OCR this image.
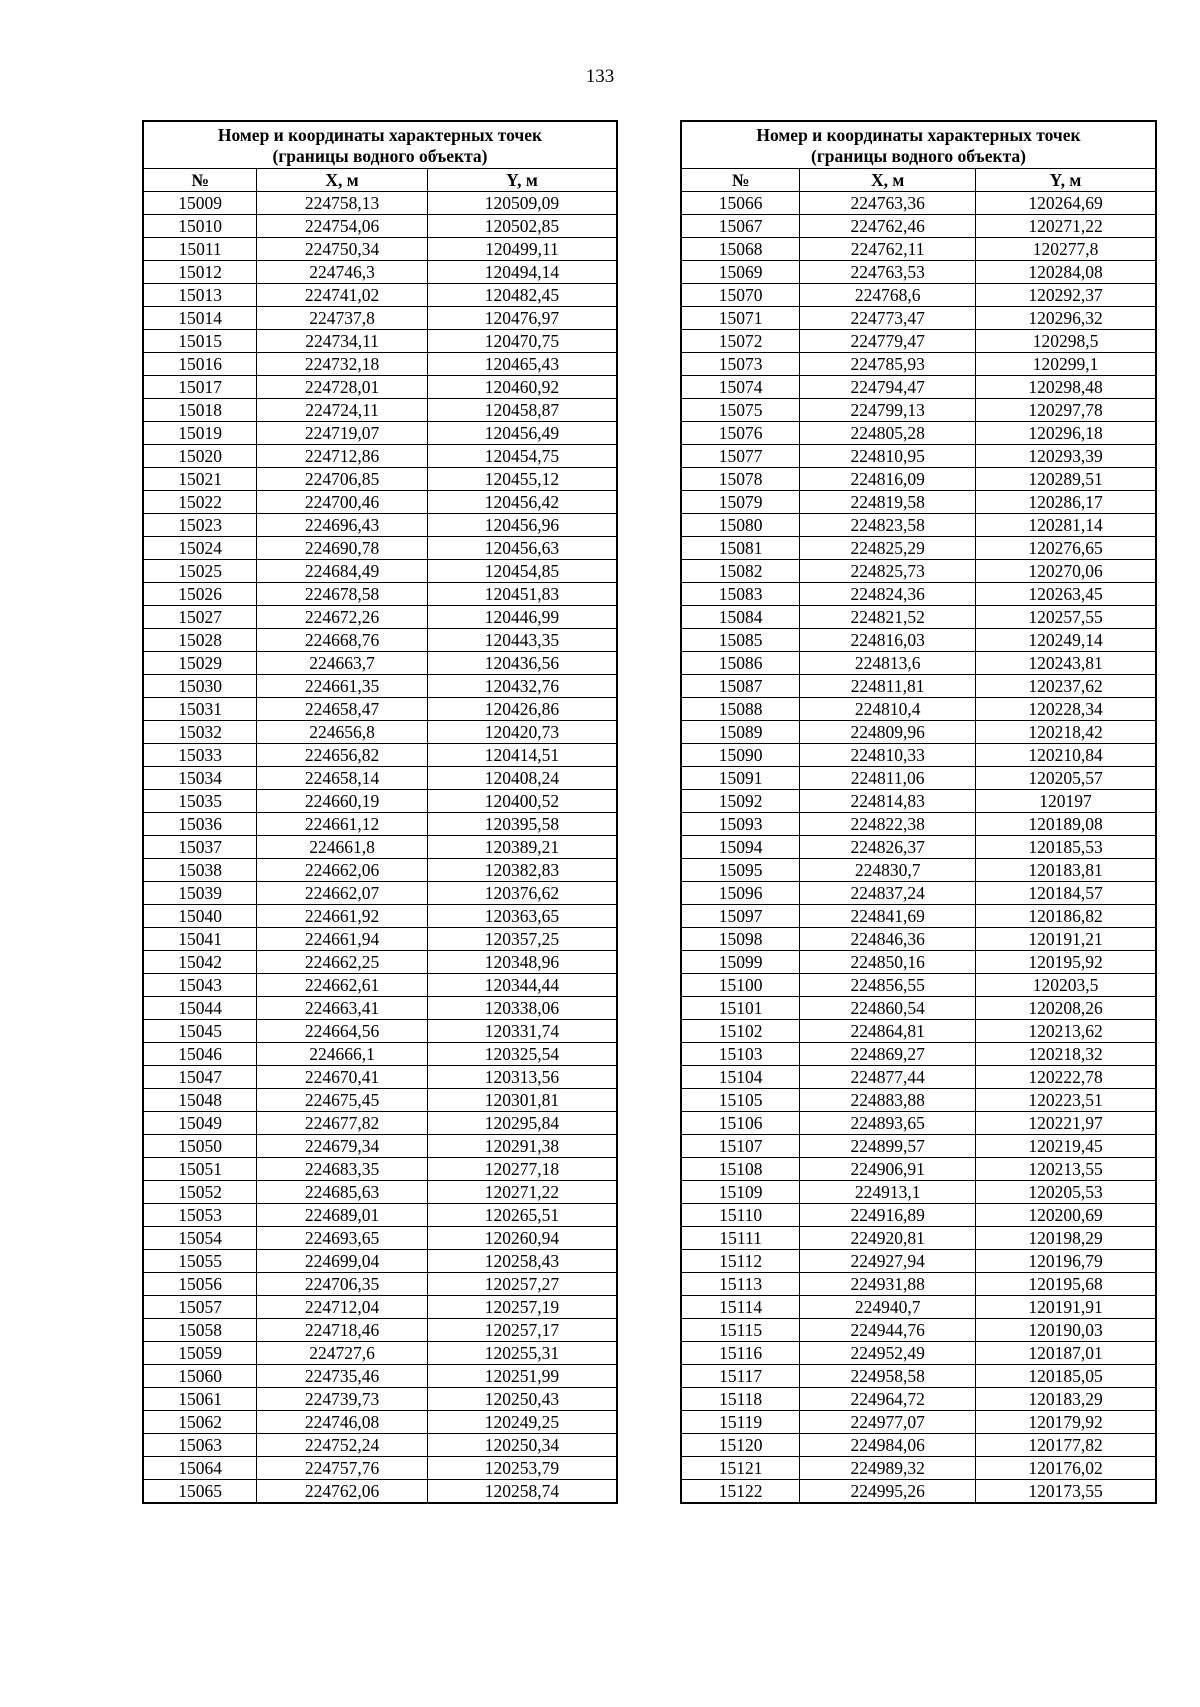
133
Номер и координаты характерных точек
(границы водного объекта)		
№	X, м	Y, м
15009	224758,13	120509,09
15010	224754,06	120502,85
15011	224750,34	120499,11
15012	224746,3	120494,14
15013	224741,02	120482,45
15014	224737,8	120476,97
15015	224734,11	120470,75
15016	224732,18	120465,43
15017	224728,01	120460,92
15018	224724,11	120458,87
15019	224719,07	120456,49
15020	224712,86	120454,75
15021	224706,85	120455,12
15022	224700,46	120456,42
15023	224696,43	120456,96
15024	224690,78	120456,63
15025	224684,49	120454,85
15026	224678,58	120451,83
15027	224672,26	120446,99
15028	224668,76	120443,35
15029	224663,7	120436,56
15030	224661,35	120432,76
15031	224658,47	120426,86
15032	224656,8	120420,73
15033	224656,82	120414,51
15034	224658,14	120408,24
15035	224660,19	120400,52
15036	224661,12	120395,58
15037	224661,8	120389,21
15038	224662,06	120382,83
15039	224662,07	120376,62
15040	224661,92	120363,65
15041	224661,94	120357,25
15042	224662,25	120348,96
15043	224662,61	120344,44
15044	224663,41	120338,06
15045	224664,56	120331,74
15046	224666,1	120325,54
15047	224670,41	120313,56
15048	224675,45	120301,81
15049	224677,82	120295,84
15050	224679,34	120291,38
15051	224683,35	120277,18
15052	224685,63	120271,22
15053	224689,01	120265,51
15054	224693,65	120260,94
15055	224699,04	120258,43
15056	224706,35	120257,27
15057	224712,04	120257,19
15058	224718,46	120257,17
15059	224727,6	120255,31
15060	224735,46	120251,99
15061	224739,73	120250,43
15062	224746,08	120249,25
15063	224752,24	120250,34
15064	224757,76	120253,79
15065	224762,06	120258,74
Номер и координаты характерных точек
(границы водного объекта)		
№	X, м	Y, м
15066	224763,36	120264,69
15067	224762,46	120271,22
15068	224762,11	120277,8
15069	224763,53	120284,08
15070	224768,6	120292,37
15071	224773,47	120296,32
15072	224779,47	120298,5
15073	224785,93	120299,1
15074	224794,47	120298,48
15075	224799,13	120297,78
15076	224805,28	120296,18
15077	224810,95	120293,39
15078	224816,09	120289,51
15079	224819,58	120286,17
15080	224823,58	120281,14
15081	224825,29	120276,65
15082	224825,73	120270,06
15083	224824,36	120263,45
15084	224821,52	120257,55
15085	224816,03	120249,14
15086	224813,6	120243,81
15087	224811,81	120237,62
15088	224810,4	120228,34
15089	224809,96	120218,42
15090	224810,33	120210,84
15091	224811,06	120205,57
15092	224814,83	120197
15093	224822,38	120189,08
15094	224826,37	120185,53
15095	224830,7	120183,81
15096	224837,24	120184,57
15097	224841,69	120186,82
15098	224846,36	120191,21
15099	224850,16	120195,92
15100	224856,55	120203,5
15101	224860,54	120208,26
15102	224864,81	120213,62
15103	224869,27	120218,32
15104	224877,44	120222,78
15105	224883,88	120223,51
15106	224893,65	120221,97
15107	224899,57	120219,45
15108	224906,91	120213,55
15109	224913,1	120205,53
15110	224916,89	120200,69
15111	224920,81	120198,29
15112	224927,94	120196,79
15113	224931,88	120195,68
15114	224940,7	120191,91
15115	224944,76	120190,03
15116	224952,49	120187,01
15117	224958,58	120185,05
15118	224964,72	120183,29
15119	224977,07	120179,92
15120	224984,06	120177,82
15121	224989,32	120176,02
15122	224995,26	120173,55
